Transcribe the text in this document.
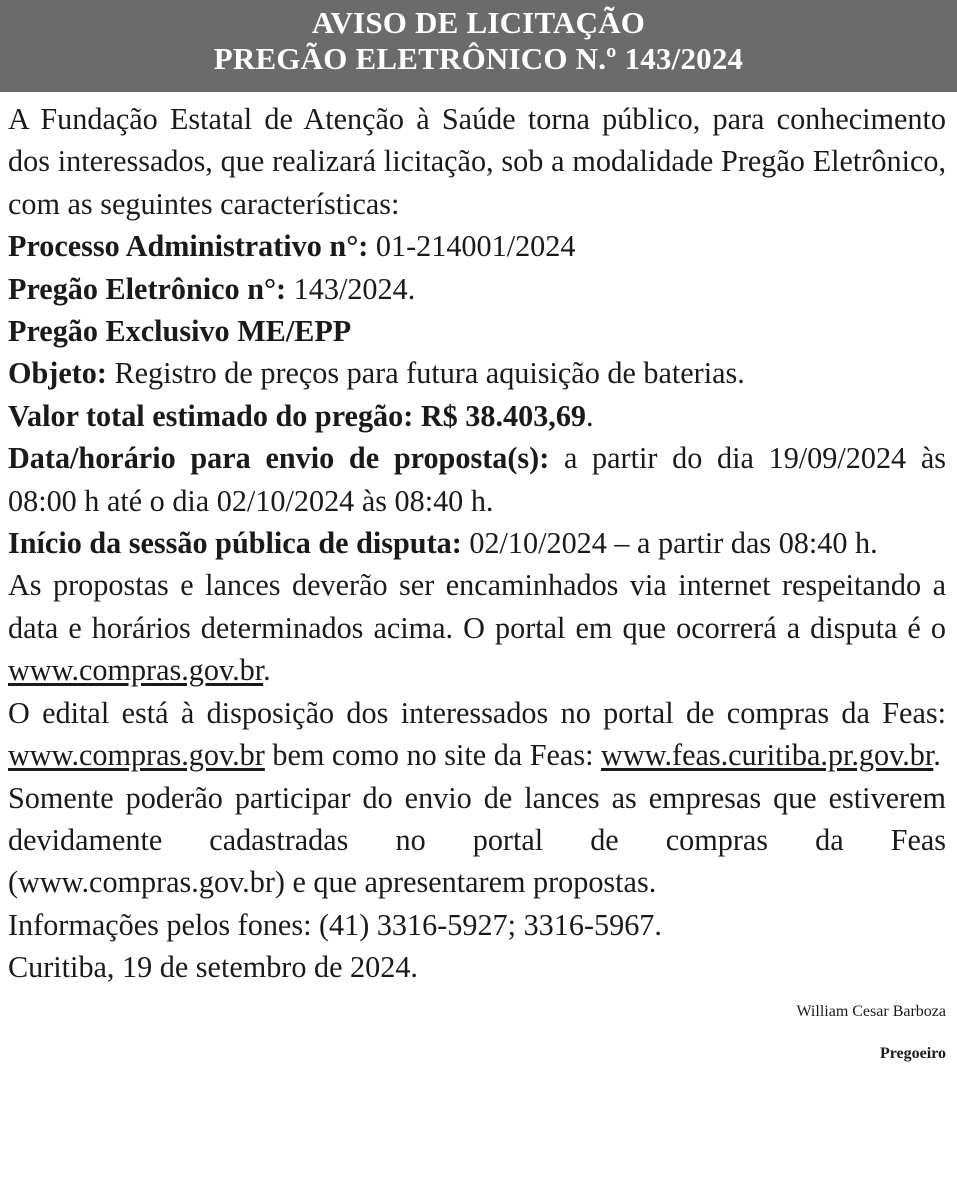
AVISO DE LICITAÇÃO
PREGÃO ELETRÔNICO N.º 143/2024

A Fundação Estatal de Atenção à Saúde torna público, para conhecimento dos interessados, que realizará licitação, sob a modalidade Pregão Eletrônico, com as seguintes características:

Processo Administrativo n°: 01-214001/2024

Pregão Eletrônico n°: 143/2024.

Pregão Exclusivo ME/EPP

Objeto: Registro de preços para futura aquisição de baterias.

Valor total estimado do pregão: R$ 38.403,69.

Data/horário para envio de proposta(s): a partir do dia 19/09/2024 às 08:00 h até o dia 02/10/2024 às 08:40 h.

Início da sessão pública de disputa: 02/10/2024 – a partir das 08:40 h.

As propostas e lances deverão ser encaminhados via internet respeitando a data e horários determinados acima. O portal em que ocorrerá a disputa é o www.compras.gov.br.

O edital está à disposição dos interessados no portal de compras da Feas: www.compras.gov.br bem como no site da Feas: www.feas.curitiba.pr.gov.br.

Somente poderão participar do envio de lances as empresas que estiverem devidamente cadastradas no portal de compras da Feas (www.compras.gov.br) e que apresentarem propostas.

Informações pelos fones: (41) 3316-5927; 3316-5967.

Curitiba, 19 de setembro de 2024.

William Cesar Barboza
Pregoeiro
